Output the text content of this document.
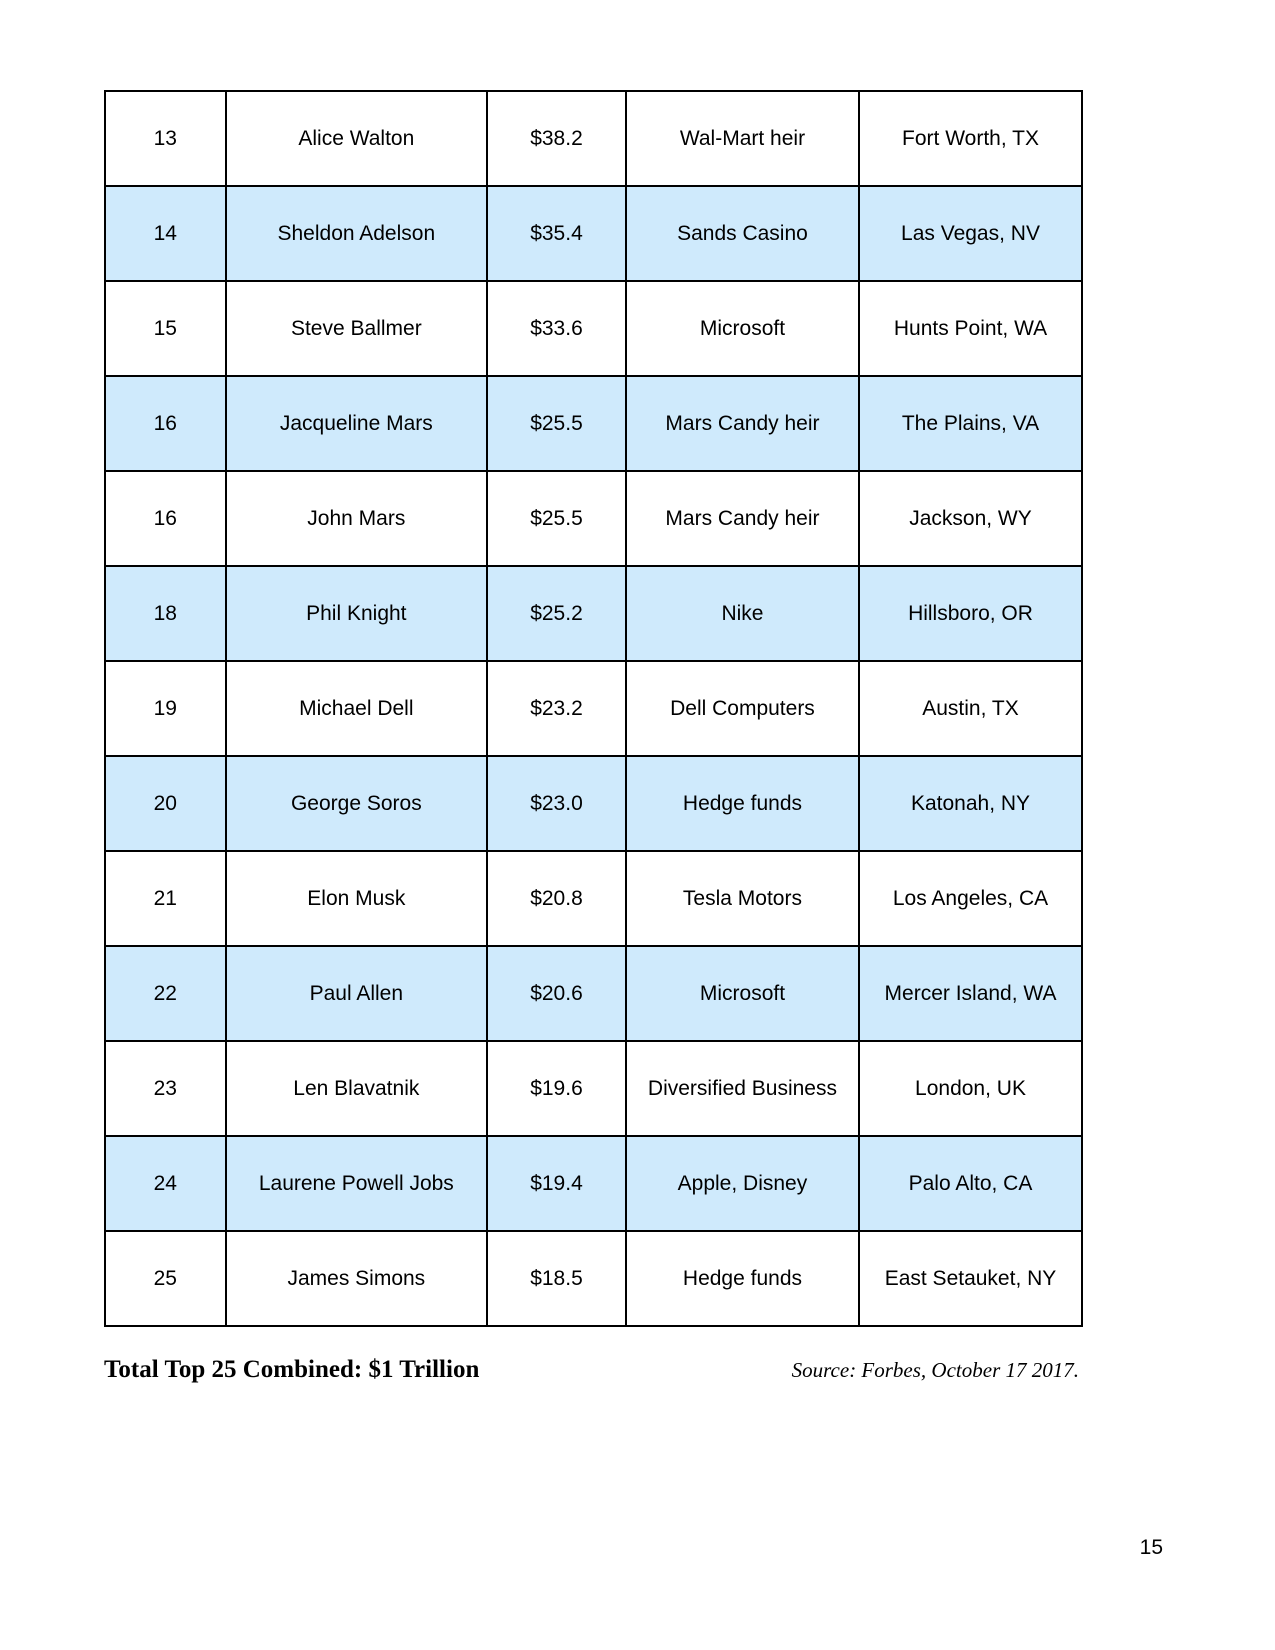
13	Alice Walton	$38.2	Wal-Mart heir	Fort Worth, TX
14	Sheldon Adelson	$35.4	Sands Casino	Las Vegas, NV
15	Steve Ballmer	$33.6	Microsoft	Hunts Point, WA
16	Jacqueline Mars	$25.5	Mars Candy heir	The Plains, VA
16	John Mars	$25.5	Mars Candy heir	Jackson, WY
18	Phil Knight	$25.2	Nike	Hillsboro, OR
19	Michael Dell	$23.2	Dell Computers	Austin, TX
20	George Soros	$23.0	Hedge funds	Katonah, NY
21	Elon Musk	$20.8	Tesla Motors	Los Angeles, CA
22	Paul Allen	$20.6	Microsoft	Mercer Island, WA
23	Len Blavatnik	$19.6	Diversified Business	London, UK
24	Laurene Powell Jobs	$19.4	Apple, Disney	Palo Alto, CA
25	James Simons	$18.5	Hedge funds	East Setauket, NY
Total Top 25 Combined: $1 Trillion	Source: Forbes, October 17 2017.
15
